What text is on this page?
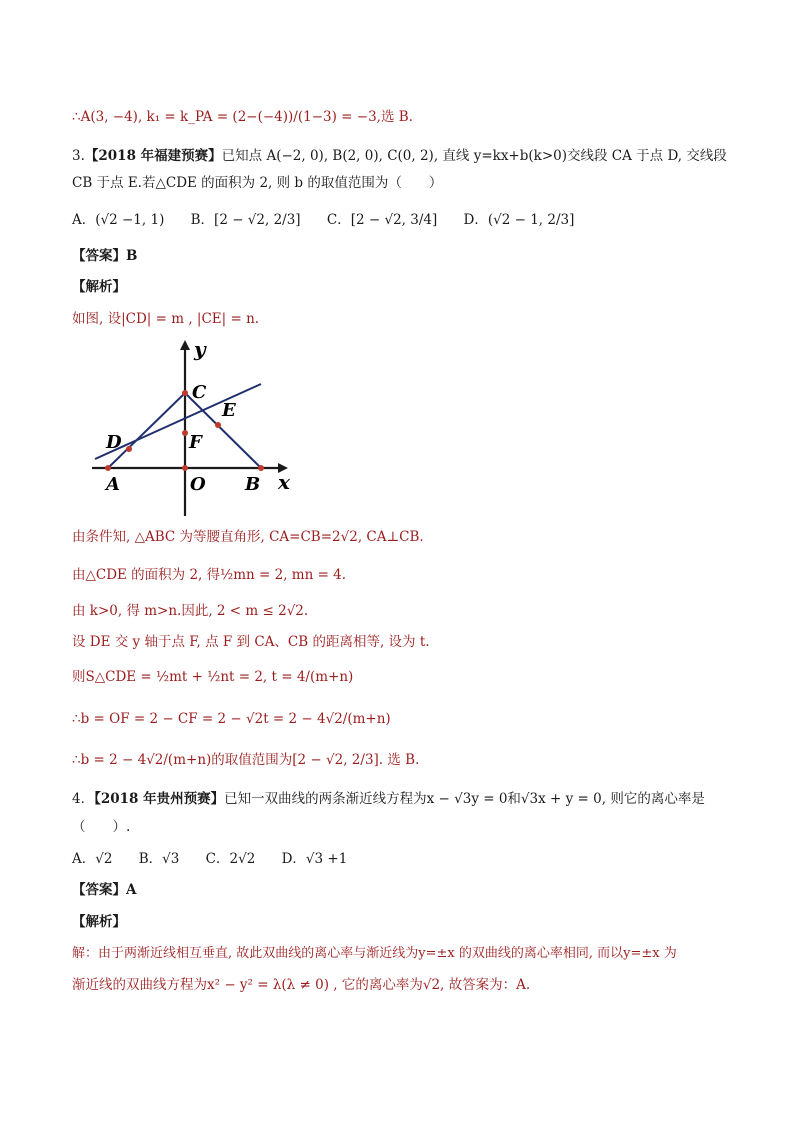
∴A(3, −4), k₁ = k_PA = (2−(−4))/(1−3) = −3,选 B.
3.【2018 年福建预赛】已知点 A(−2, 0), B(2, 0), C(0, 2), 直线 y=kx+b(k>0)交线段 CA 于点 D, 交线段
CB 于点 E.若△CDE 的面积为 2, 则 b 的取值范围为（　　）
A．(√2 −1, 1) B．[2 − √2, 2/3] C．[2 − √2, 3/4] D．(√2 − 1, 2/3]
【答案】B
【解析】
如图, 设|CD| = m , |CE| = n.
y
x
C
E
D	F
A	O B
由条件知, △ABC 为等腰直角形, CA=CB=2√2, CA⊥CB.
由△CDE 的面积为 2, 得½mn = 2, mn = 4.
由 k>0, 得 m>n.因此, 2 < m ≤ 2√2.
设 DE 交 y 轴于点 F, 点 F 到 CA、CB 的距离相等, 设为 t.
则S△CDE = ½mt + ½nt = 2, t = 4/(m+n)
∴b = OF = 2 − CF = 2 − √2t = 2 − 4√2/(m+n)
∴b = 2 − 4√2/(m+n)的取值范围为[2 − √2, 2/3]. 选 B.
4．【2018 年贵州预赛】已知一双曲线的两条渐近线方程为x − √3y = 0和√3x + y = 0, 则它的离心率是
（　　）.
A．√2 B．√3 C．2√2 D．√3 +1
【答案】A
【解析】
解：由于两渐近线相互垂直, 故此双曲线的离心率与渐近线为y=±x 的双曲线的离心率相同, 而以y=±x 为
渐近线的双曲线方程为x² − y² = λ(λ ≠ 0) , 它的离心率为√2, 故答案为：A.
